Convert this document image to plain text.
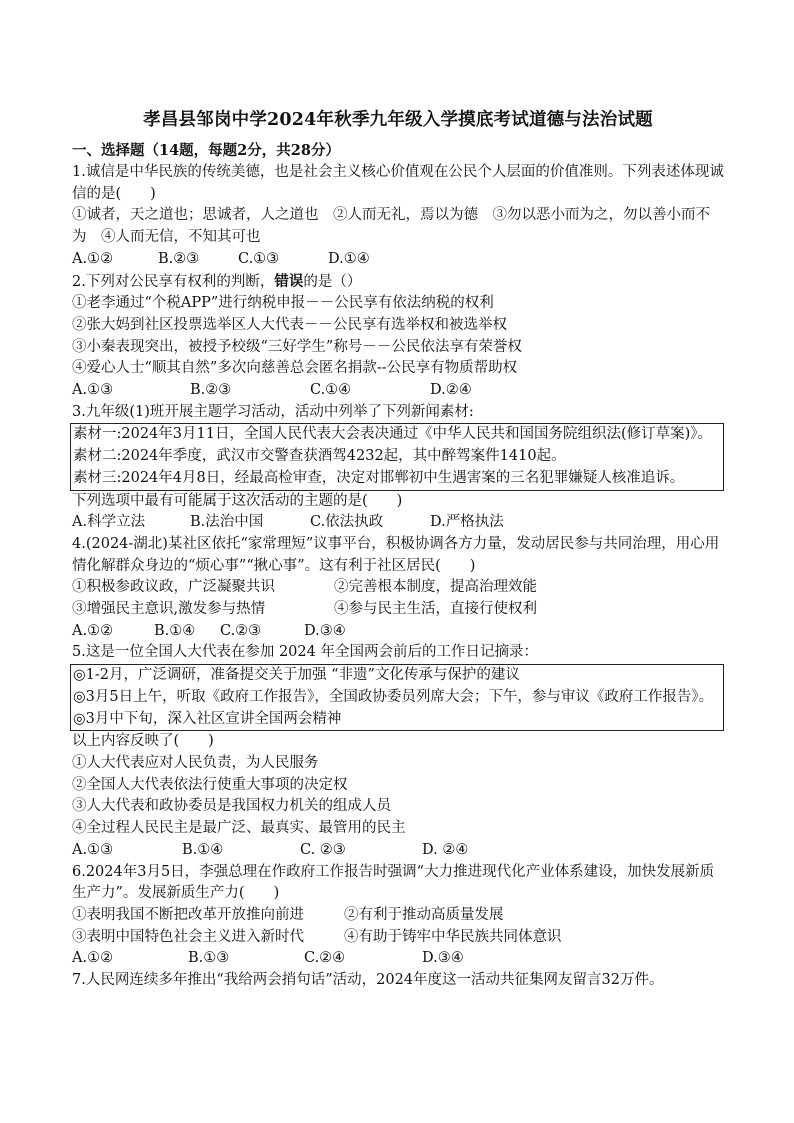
孝昌县邹岗中学2024年秋季九年级入学摸底考试道德与法治试题
一、选择题（14题，每题2分，共28分）
1.诚信是中华民族的传统美德，也是社会主义核心价值观在公民个人层面的价值准则。下列表述体现诚信的是(　　)
①诚者，天之道也；思诚者，人之道也　②人而无礼，焉以为德　③勿以恶小而为之，勿以善小而不为　④人而无信，不知其可也
A.①②	B.②③	C.①③	D.①④
2.下列对公民享有权利的判断，错误的是（）
①老李通过“个税APP”进行纳税申报－－公民享有依法纳税的权利
②张大妈到社区投票选举区人大代表－－公民享有选举权和被选举权
③小秦表现突出，被授予校级“三好学生”称号－－公民依法享有荣誉权
④爱心人士“顺其自然”多次向慈善总会匿名捐款--公民享有物质帮助权
A.①③	B.②③	C.①④	D.②④
3.九年级(1)班开展主题学习活动，活动中列举了下列新闻素材:
素材一:2024年3月11日，全国人民代表大会表决通过《中华人民共和国国务院组织法(修订草案)》。
素材二:2024年季度，武汉市交警查获酒驾4232起，其中醉驾案件1410起。
素材三:2024年4月8日，经最高检审查，决定对邯郸初中生遇害案的三名犯罪嫌疑人核准追诉。
下列选项中最有可能属于这次活动的主题的是(　　)
A.科学立法	B.法治中国	C.依法执政	D.严格执法
4.(2024-湖北)某社区依托“家常理短”议事平台，积极协调各方力量，发动居民参与共同治理，用心用情化解群众身边的“烦心事”“揪心事”。这有利于社区居民(　　)
①积极参政议政，广泛凝聚共识	②完善根本制度，提高治理效能
③增强民主意识,激发参与热情	④参与民主生活，直接行使权利
A.①②	B.①④	C.②③	D.③④
5.这是一位全国人大代表在参加 2024 年全国两会前后的工作日记摘录：
◎1-2月，广泛调研，准备提交关于加强 “非遗”文化传承与保护的建议
◎3月5日上午，听取《政府工作报告》，全国政协委员列席大会；下午，参与审议《政府工作报告》。
◎3月中下旬，深入社区宣讲全国两会精神
以上内容反映了(　　)
①人大代表应对人民负责，为人民服务
②全国人大代表依法行使重大事项的决定权
③人大代表和政协委员是我国权力机关的组成人员
④全过程人民民主是最广泛、最真实、最管用的民主
A.①③	B.①④	C. ②③	D. ②④
6.2024年3月5日，李强总理在作政府工作报告时强调“大力推进现代化产业体系建设，加快发展新质生产力”。发展新质生产力(　　)
①表明我国不断把改革开放推向前进	②有利于推动高质量发展
③表明中国特色社会主义进入新时代	④有助于铸牢中华民族共同体意识
A.①②	B.①③	C.②④	D.③④
7.人民网连续多年推出“我给两会捎句话”活动，2024年度这一活动共征集网友留言32万件。
